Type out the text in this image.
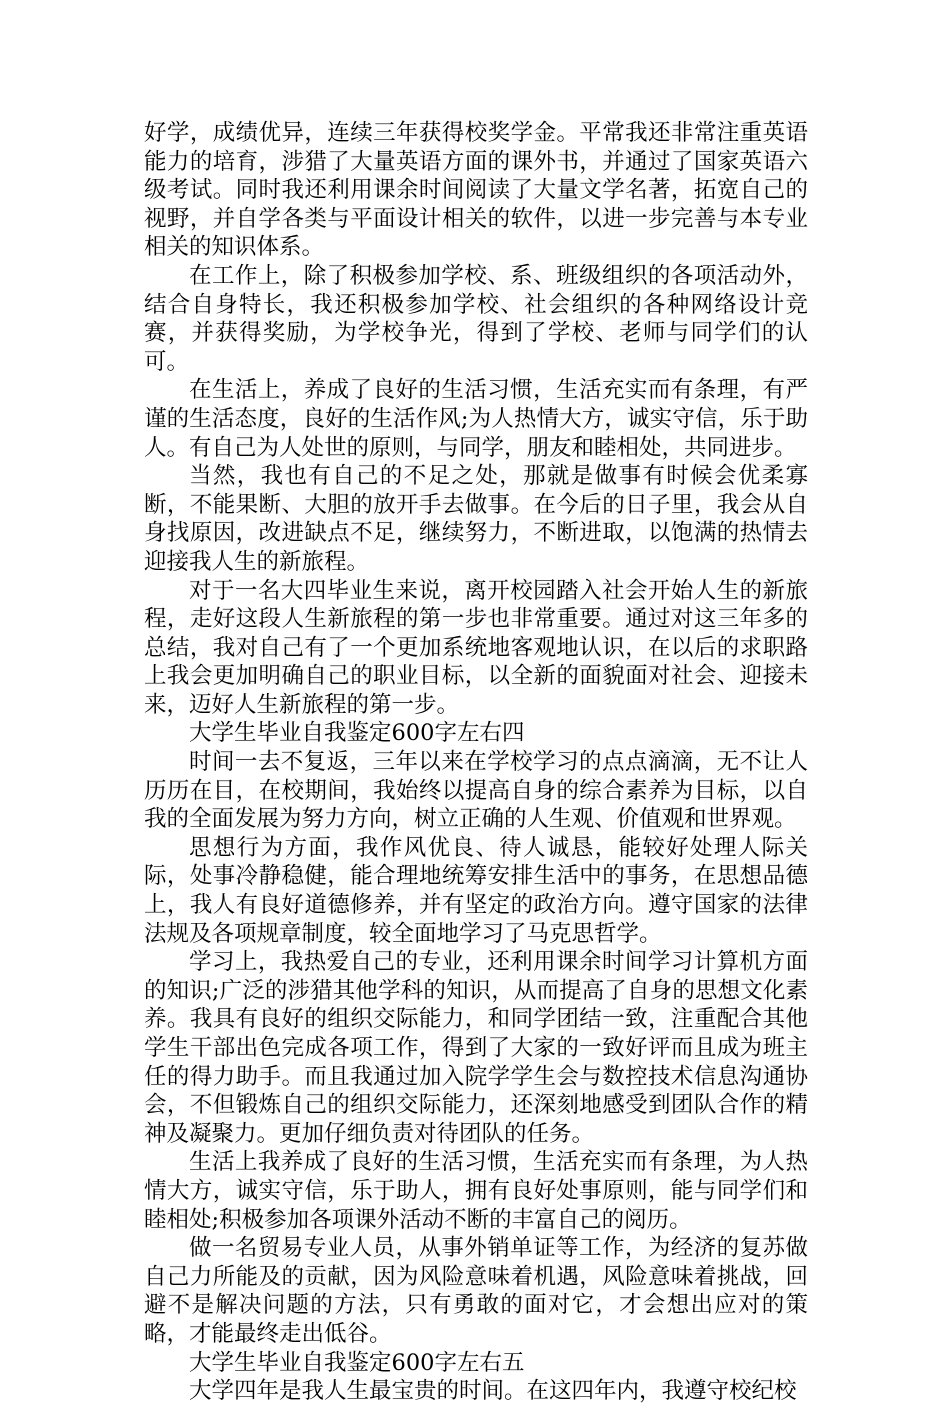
好学，成绩优异，连续三年获得校奖学金。平常我还非常注重英语能力的培育，涉猎了大量英语方面的课外书，并通过了国家英语六级考试。同时我还利用课余时间阅读了大量文学名著，拓宽自己的视野，并自学各类与平面设计相关的软件，以进一步完善与本专业相关的知识体系。

在工作上，除了积极参加学校、系、班级组织的各项活动外，结合自身特长，我还积极参加学校、社会组织的各种网络设计竞赛，并获得奖励，为学校争光，得到了学校、老师与同学们的认可。

在生活上，养成了良好的生活习惯，生活充实而有条理，有严谨的生活态度，良好的生活作风;为人热情大方，诚实守信，乐于助人。有自己为人处世的原则，与同学，朋友和睦相处，共同进步。

当然，我也有自己的不足之处，那就是做事有时候会优柔寡断，不能果断、大胆的放开手去做事。在今后的日子里，我会从自身找原因，改进缺点不足，继续努力，不断进取，以饱满的热情去迎接我人生的新旅程。

对于一名大四毕业生来说，离开校园踏入社会开始人生的新旅程，走好这段人生新旅程的第一步也非常重要。通过对这三年多的总结，我对自己有了一个更加系统地客观地认识，在以后的求职路上我会更加明确自己的职业目标，以全新的面貌面对社会、迎接未来，迈好人生新旅程的第一步。

大学生毕业自我鉴定600字左右四

时间一去不复返，三年以来在学校学习的点点滴滴，无不让人历历在目，在校期间，我始终以提高自身的综合素养为目标，以自我的全面发展为努力方向，树立正确的人生观、价值观和世界观。

思想行为方面，我作风优良、待人诚恳，能较好处理人际关际，处事冷静稳健，能合理地统筹安排生活中的事务，在思想品德上，我人有良好道德修养，并有坚定的政治方向。遵守国家的法律法规及各项规章制度，较全面地学习了马克思哲学。

学习上，我热爱自己的专业，还利用课余时间学习计算机方面的知识;广泛的涉猎其他学科的知识，从而提高了自身的思想文化素养。我具有良好的组织交际能力，和同学团结一致，注重配合其他学生干部出色完成各项工作，得到了大家的一致好评而且成为班主任的得力助手。而且我通过加入院学学生会与数控技术信息沟通协会，不但锻炼自己的组织交际能力，还深刻地感受到团队合作的精神及凝聚力。更加仔细负责对待团队的任务。

生活上我养成了良好的生活习惯，生活充实而有条理，为人热情大方，诚实守信，乐于助人，拥有良好处事原则，能与同学们和睦相处;积极参加各项课外活动不断的丰富自己的阅历。

做一名贸易专业人员，从事外销单证等工作，为经济的复苏做自己力所能及的贡献，因为风险意味着机遇，风险意味着挑战，回避不是解决问题的方法，只有勇敢的面对它，才会想出应对的策略，才能最终走出低谷。

大学生毕业自我鉴定600字左右五

大学四年是我人生最宝贵的时间。在这四年内，我遵守校纪校
